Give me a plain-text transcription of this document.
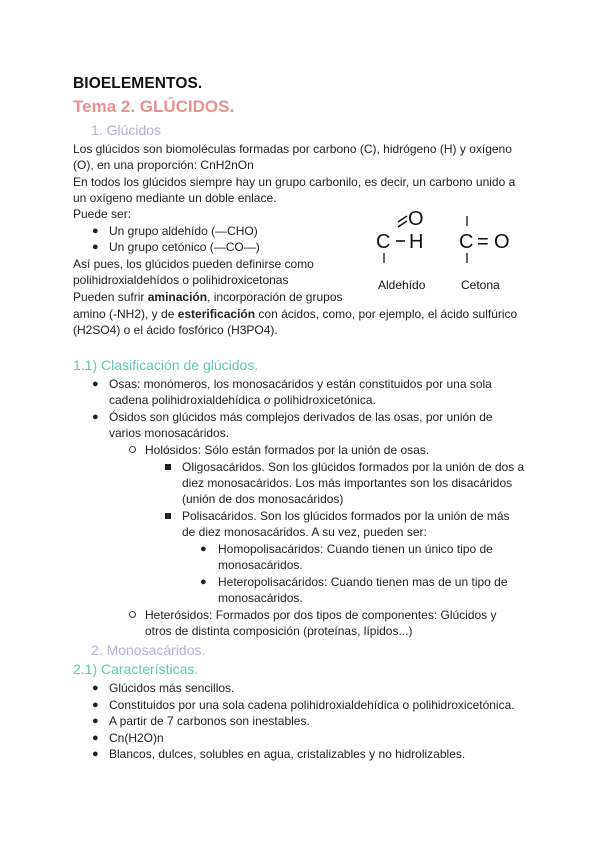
BIOELEMENTOS.
Tema 2. GLÚCIDOS.
1. Glúcidos
Los glúcidos son biomoléculas formadas por carbono (C), hidrógeno (H) y oxígeno
(O), en una proporción: CnH2nOn
En todos los glúcidos siempre hay un grupo carbonilo, es decir, un carbono unido a
un oxígeno mediante un doble enlace.
Puede ser:
● Un grupo aldehído (—CHO)
● Un grupo cetónico (—CO—)
Así pues, los glúcidos pueden definirse como
polihidroxialdehídos o polihidroxicetonas
Pueden sufrir aminación, incorporación de grupos
amino (-NH2), y de esterificación con ácidos, como, por ejemplo, el ácido sulfúrico
(H2SO4) o el ácido fosfórico (H3PO4).
O
C H
Aldehído
C = O
Cetona
1.1) Clasificación de glúcidos.
● Osas: monómeros, los monosacáridos y están constituidos por una sola
cadena polihidroxialdehídica o polihidroxicetónica.
● Ósidos son glúcidos más complejos derivados de las osas, por unión de
varios monosacáridos.
Holósidos: Sólo están formados por la unión de osas.
Oligosacáridos. Son los glúcidos formados por la unión de dos a
diez monosacáridos. Los más importantes son los disacáridos
(unión de dos monosacáridos)
Polisacáridos. Son los glúcidos formados por la unión de más
de diez monosacáridos. A su vez, pueden ser:
● Homopolisacáridos: Cuando tienen un único tipo de
monosacáridos.
● Heteropolisacáridos: Cuando tienen mas de un tipo de
monosacáridos.
Heterósidos: Formados por dos tipos de componentes: Glúcidos y
otros de distinta composición (proteínas, lípidos...)
2. Monosacáridos.
2.1) Características.
● Glúcidos más sencillos.
● Constituidos por una sola cadena polihidroxialdehídica o polihidroxicetónica.
● A partir de 7 carbonos son inestables.
● Cn(H2O)n
● Blancos, dulces, solubles en agua, cristalizables y no hidrolizables.
